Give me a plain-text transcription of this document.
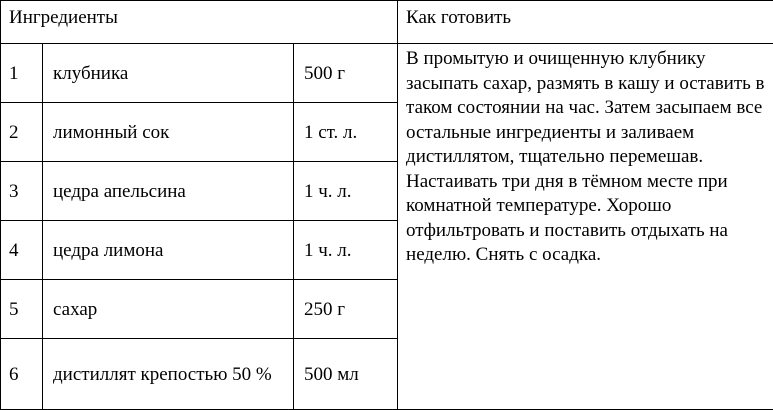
Ингредиенты			Как готовить
1	клубника	500 г	В промытую и очищенную клубнику засыпать сахар, размять в кашу и оставить в таком состоянии на час. Затем засыпаем все остальные ингредиенты и заливаем дистиллятом, тщательно перемешав. Настаивать три дня в тёмном месте при комнатной температуре. Хорошо отфильтровать и поставить отдыхать на неделю. Снять с осадка.
2	лимонный сок	1 ст. л.	
3	цедра апельсина	1 ч. л.	
4	цедра лимона	1 ч. л.	
5	сахар	250 г	
6	дистиллят крепостью 50 %	500 мл	
